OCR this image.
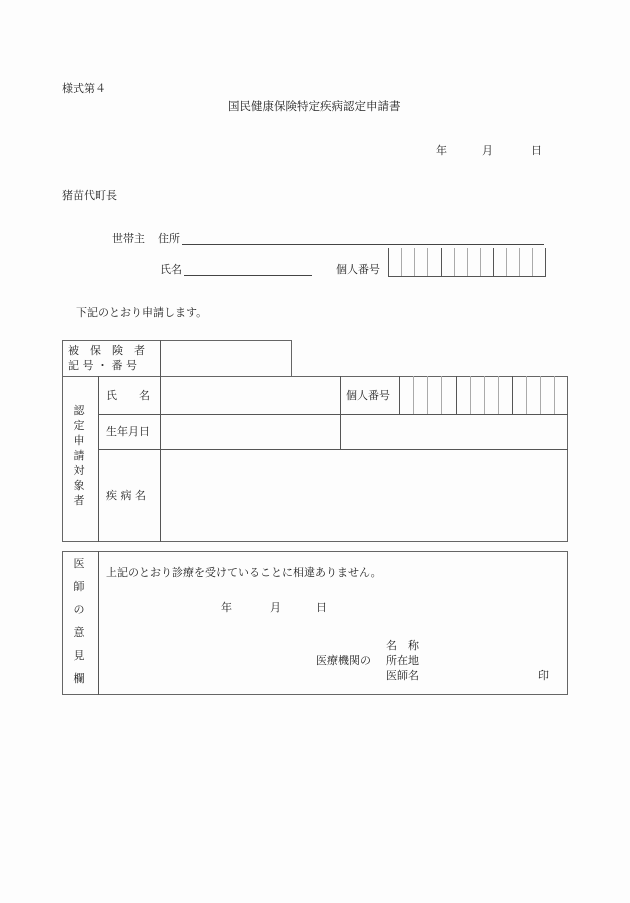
様式第４
国民健康保険特定疾病認定申請書
年	月	日
猪苗代町長
世帯主 住所
氏名	個人番号
下記のとおり申請します。
被　保　険　者
記 号 ・ 番 号
認
定
申
請
対
象
者
氏　　名	個人番号
生年月日
疾 病 名
医
師
の
意
見
欄
上記のとおり診療を受けていることに相違ありません。
年	月	日
名　称
医療機関の 所在地
医師名	印
